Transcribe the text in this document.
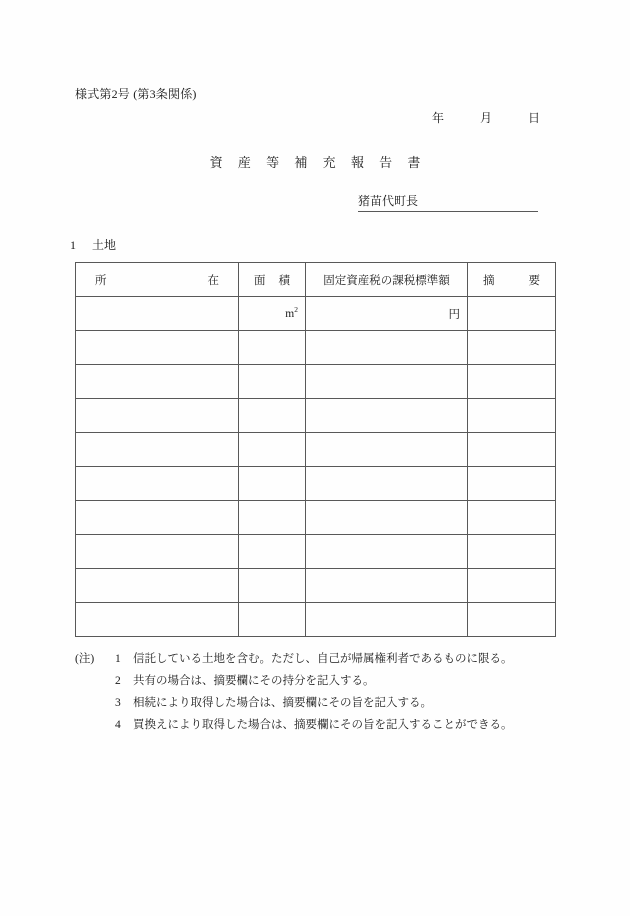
様式第2号 (第3条関係)
年	月	日
資 産 等 補 充 報 告 書
猪苗代町長
1 土地
所 在	面 積	固定資産税の課税標準額	摘 要

	$m^2$	円	

(注)	1	信託している土地を含む。ただし、自己が帰属権利者であるものに限る。
2	共有の場合は、摘要欄にその持分を記入する。
3	相続により取得した場合は、摘要欄にその旨を記入する。
4	買換えにより取得した場合は、摘要欄にその旨を記入することができる。
